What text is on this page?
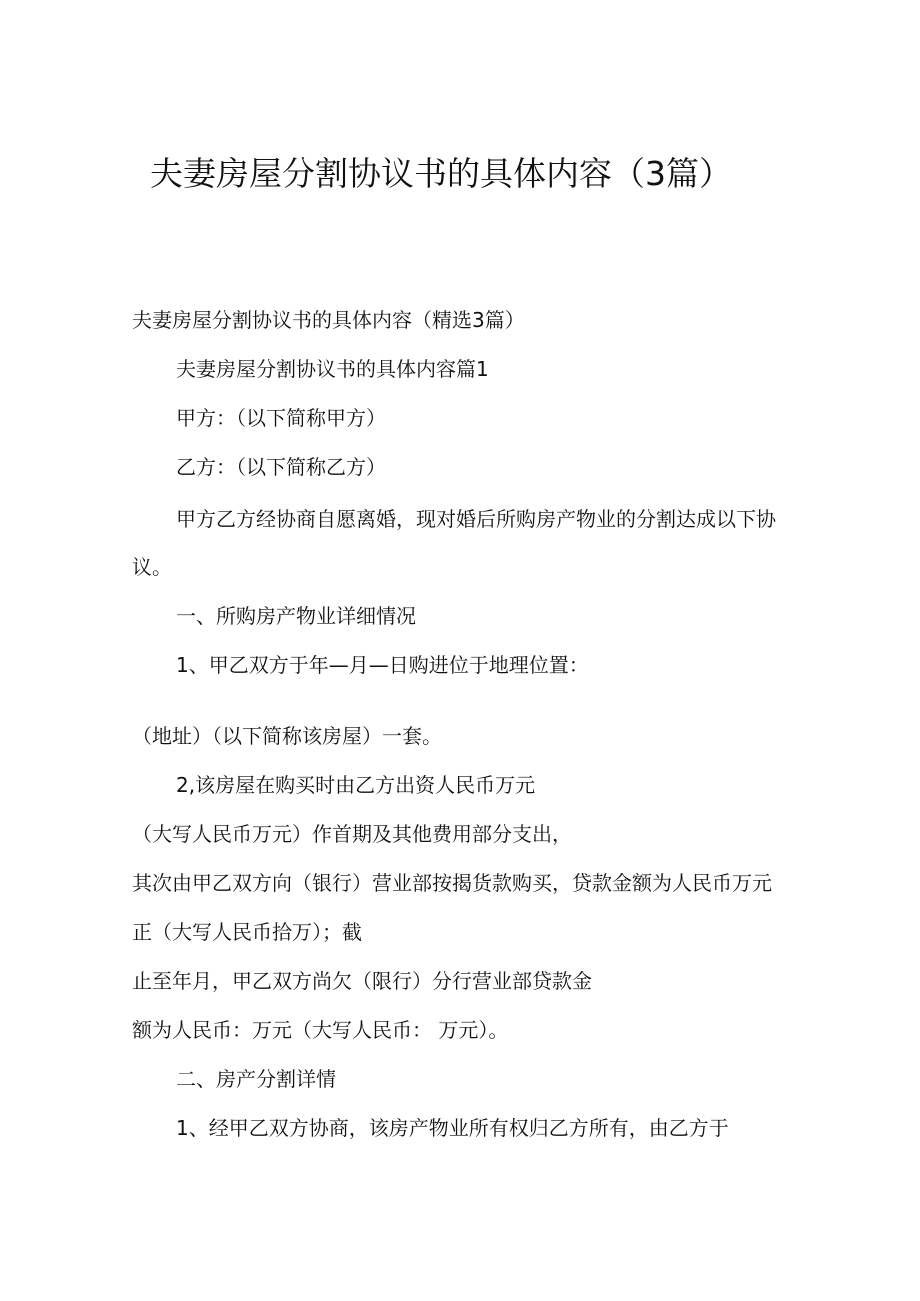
夫妻房屋分割协议书的具体内容（3篇）
夫妻房屋分割协议书的具体内容（精选3篇）
夫妻房屋分割协议书的具体内容篇1
甲方：（以下简称甲方）
乙方：（以下简称乙方）
甲方乙方经协商自愿离婚，现对婚后所购房产物业的分割达成以下协
议。
一、所购房产物业详细情况
1、甲乙双方于年—月—日购进位于地理位置：
（地址）（以下简称该房屋）一套。
2,该房屋在购买时由乙方出资人民币万元
（大写人民币万元）作首期及其他费用部分支出，
其次由甲乙双方向（银行）营业部按揭货款购买，贷款金额为人民币万元
正（大写人民币拾万）；截
止至年月，甲乙双方尚欠（限行）分行营业部贷款金
额为人民币：万元（大写人民币： 万元）。
二、房产分割详情
1、经甲乙双方协商，该房产物业所有权归乙方所有，由乙方于
